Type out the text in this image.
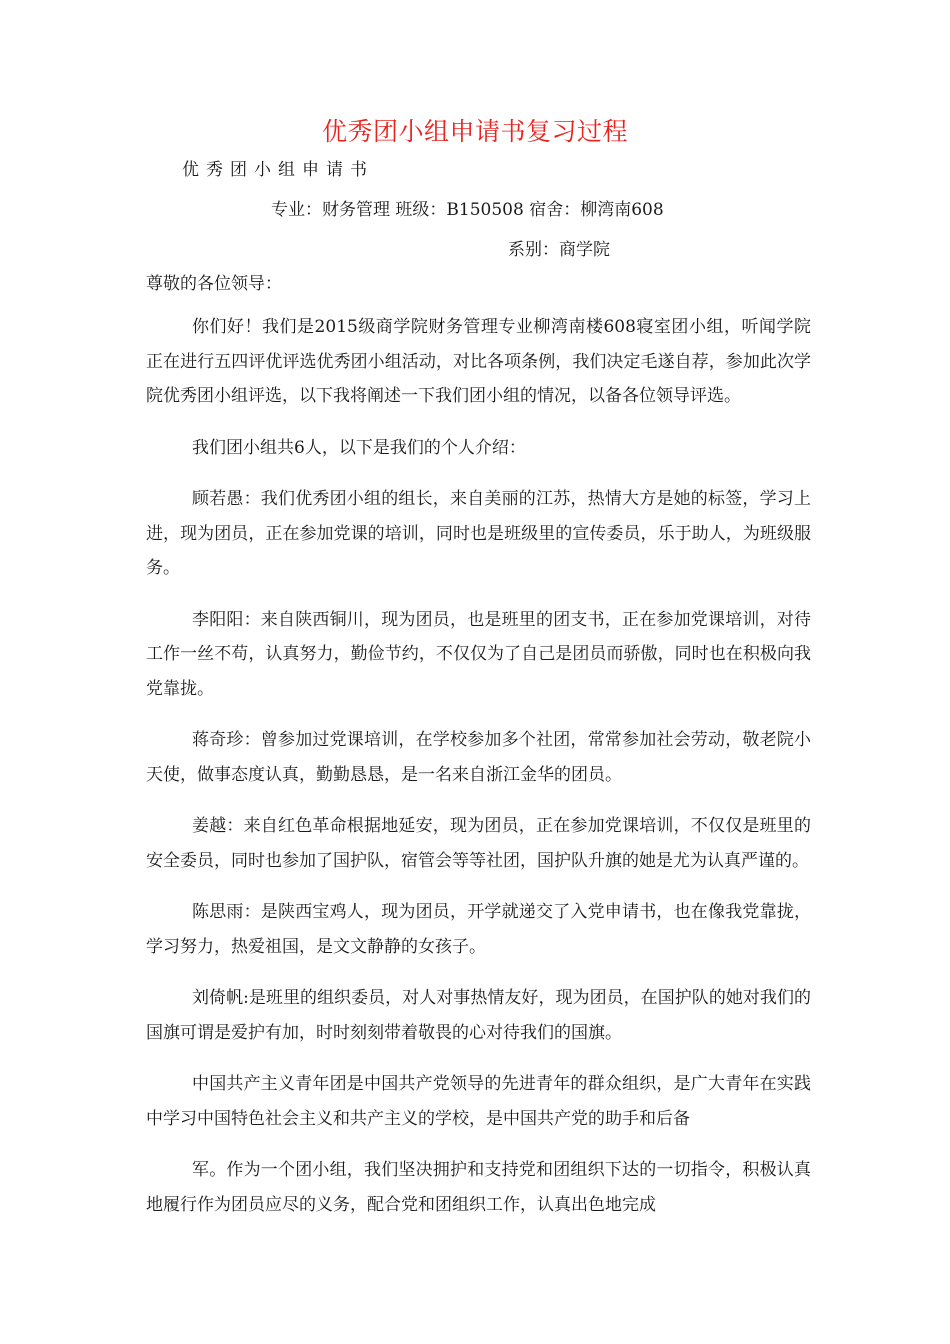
优秀团小组申请书复习过程
优秀团小组申请书
专业：财务管理 班级：B150508 宿舍：柳湾南608
系别：商学院
尊敬的各位领导：

你们好！我们是2015级商学院财务管理专业柳湾南楼608寝室团小组，听闻学院正在进行五四评优评选优秀团小组活动，对比各项条例，我们决定毛遂自荐，参加此次学院优秀团小组评选，以下我将阐述一下我们团小组的情况，以备各位领导评选。

我们团小组共6人，以下是我们的个人介绍：

顾若愚：我们优秀团小组的组长，来自美丽的江苏，热情大方是她的标签，学习上进，现为团员，正在参加党课的培训，同时也是班级里的宣传委员，乐于助人，为班级服务。

李阳阳：来自陕西铜川，现为团员，也是班里的团支书，正在参加党课培训，对待工作一丝不苟，认真努力，勤俭节约，不仅仅为了自己是团员而骄傲，同时也在积极向我党靠拢。

蒋奇珍：曾参加过党课培训，在学校参加多个社团，常常参加社会劳动，敬老院小天使，做事态度认真，勤勤恳恳，是一名来自浙江金华的团员。

姜越：来自红色革命根据地延安，现为团员，正在参加党课培训，不仅仅是班里的安全委员，同时也参加了国护队，宿管会等等社团，国护队升旗的她是尤为认真严谨的。

陈思雨：是陕西宝鸡人，现为团员，开学就递交了入党申请书，也在像我党靠拢，学习努力，热爱祖国，是文文静静的女孩子。

刘倚帆:是班里的组织委员，对人对事热情友好，现为团员，在国护队的她对我们的国旗可谓是爱护有加，时时刻刻带着敬畏的心对待我们的国旗。

中国共产主义青年团是中国共产党领导的先进青年的群众组织，是广大青年在实践中学习中国特色社会主义和共产主义的学校，是中国共产党的助手和后备

军。作为一个团小组，我们坚决拥护和支持党和团组织下达的一切指令，积极认真地履行作为团员应尽的义务，配合党和团组织工作，认真出色地完成
